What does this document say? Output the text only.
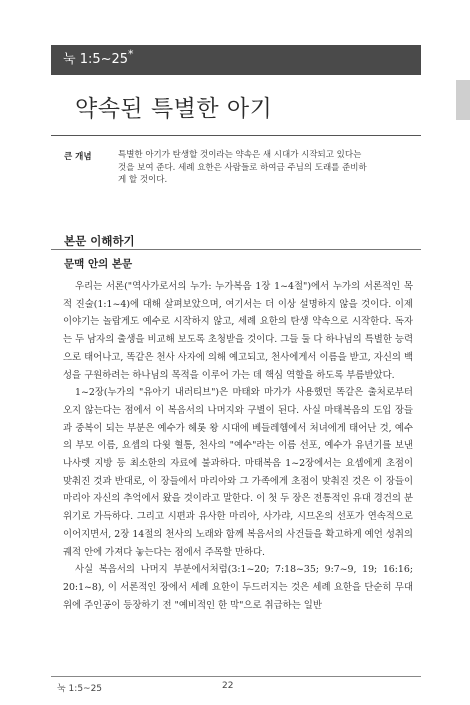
눅 1:5~25*
약속된 특별한 아기
큰 개념	특별한 아기가 탄생할 것이라는 약속은 새 시대가 시작되고 있다는 것을 보여 준다. 세례 요한은 사람들로 하여금 주님의 도래를 준비하게 할 것이다.
본문 이해하기
문맥 안의 본문

우리는 서론("역사가로서의 누가: 누가복음 1장 1~4절")에서 누가의 서론적인 목적 진술(1:1~4)에 대해 살펴보았으며, 여기서는 더 이상 설명하지 않을 것이다. 이제 이야기는 놀랍게도 예수로 시작하지 않고, 세례 요한의 탄생 약속으로 시작한다. 독자는 두 남자의 출생을 비교해 보도록 초청받을 것이다. 그들 둘 다 하나님의 특별한 능력으로 태어나고, 똑같은 천사 사자에 의해 예고되고, 천사에게서 이름을 받고, 자신의 백성을 구원하려는 하나님의 목적을 이루어 가는 데 핵심 역할을 하도록 부름받았다.

1~2장(누가의 "유아기 내러티브")은 마태와 마가가 사용했던 똑같은 출처로부터 오지 않는다는 점에서 이 복음서의 나머지와 구별이 된다. 사실 마태복음의 도입 장들과 중복이 되는 부분은 예수가 헤롯 왕 시대에 베들레헴에서 처녀에게 태어난 것, 예수의 부모 이름, 요셉의 다윗 혈통, 천사의 "예수"라는 이름 선포, 예수가 유년기를 보낸 나사렛 지방 등 최소한의 자료에 불과하다. 마태복음 1~2장에서는 요셉에게 초점이 맞춰진 것과 반대로, 이 장들에서 마리아와 그 가족에게 초점이 맞춰진 것은 이 장들이 마리아 자신의 추억에서 왔을 것이라고 말한다. 이 첫 두 장은 전통적인 유대 경건의 분위기로 가득하다. 그리고 시편과 유사한 마리아, 사가랴, 시므온의 선포가 연속적으로 이어지면서, 2장 14절의 천사의 노래와 함께 복음서의 사건들을 확고하게 예언 성취의 궤적 안에 가져다 놓는다는 점에서 주목할 만하다.

사실 복음서의 나머지 부분에서처럼(3:1~20; 7:18~35; 9:7~9, 19; 16:16; 20:1~8), 이 서론적인 장에서 세례 요한이 두드러지는 것은 세례 요한을 단순히 무대 위에 주인공이 등장하기 전 "예비적인 한 막"으로 취급하는 일반

눅 1:5~25	22
